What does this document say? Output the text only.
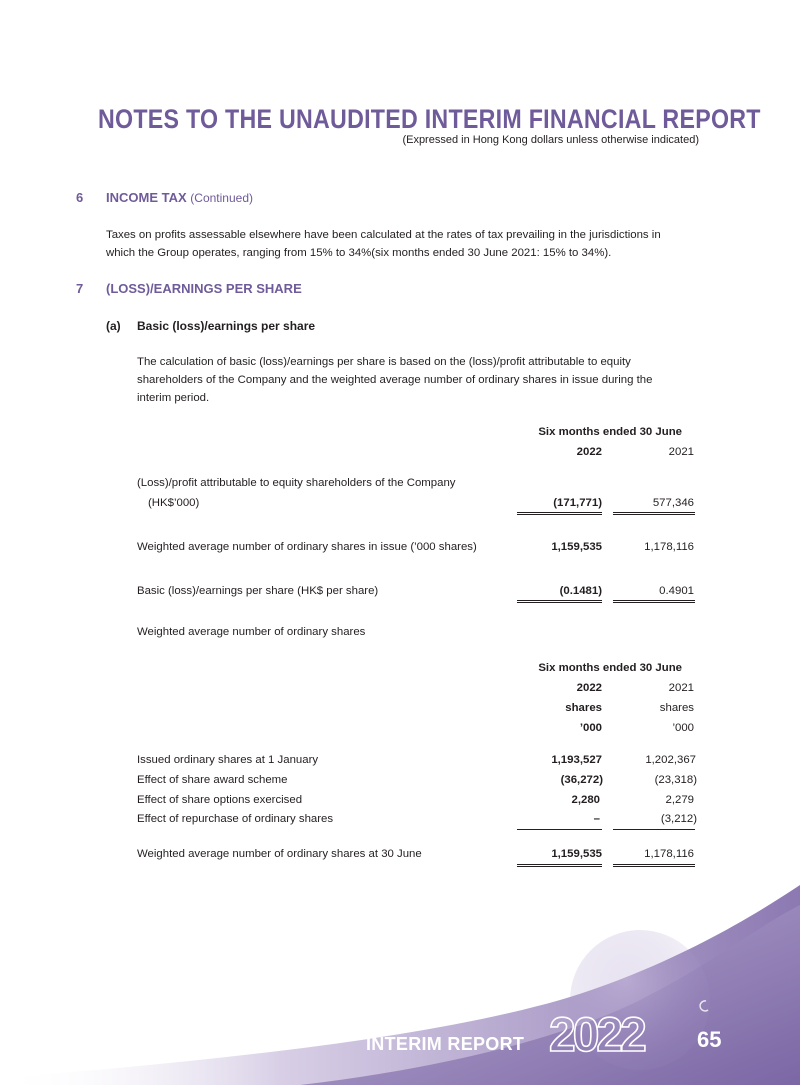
NOTES TO THE UNAUDITED INTERIM FINANCIAL REPORT
(Expressed in Hong Kong dollars unless otherwise indicated)
6 INCOME TAX (Continued)
Taxes on profits assessable elsewhere have been calculated at the rates of tax prevailing in the jurisdictions in
which the Group operates, ranging from 15% to 34%(six months ended 30 June 2021: 15% to 34%).
7 (LOSS)/EARNINGS PER SHARE
(a) Basic (loss)/earnings per share
The calculation of basic (loss)/earnings per share is based on the (loss)/profit attributable to equity
shareholders of the Company and the weighted average number of ordinary shares in issue during the
interim period.
Six months ended 30 June
2022	2021
(Loss)/profit attributable to equity shareholders of the Company
(HK$’000)	(171,771)	577,346
Weighted average number of ordinary shares in issue (’000 shares)	1,159,535	1,178,116
Basic (loss)/earnings per share (HK$ per share)	(0.1481)	0.4901
Weighted average number of ordinary shares
Six months ended 30 June
2022	2021
shares	shares
’000	’000
Issued ordinary shares at 1 January	1,193,527	1,202,367
Effect of share award scheme	(36,272)	(23,318)
Effect of share options exercised	2,280	2,279
Effect of repurchase of ordinary shares	–	(3,212)
Weighted average number of ordinary shares at 30 June	1,159,535	1,178,116
INTERIM REPORT 2022 65
